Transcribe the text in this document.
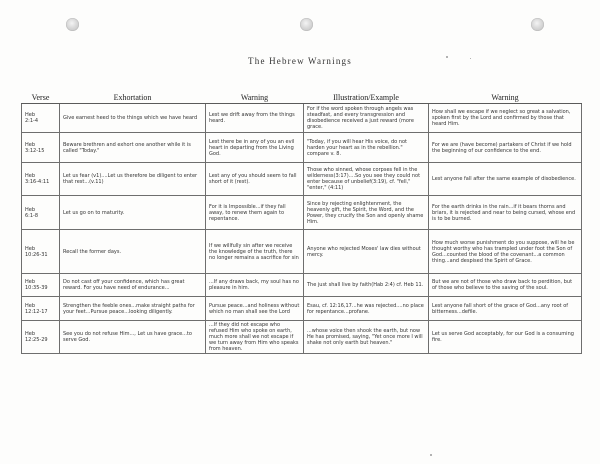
The Hebrew Warnings
Verse	Exhortation	Warning	Illustration/Example	Warning
Heb
2:1-4	Give earnest heed to the things which we have heard	Lest we drift away from the things heard.	For if the word spoken through angels was steadfast, and every transgression and disobedience received a just reward (more grace.	How shall we escape if we neglect so great a salvation, spoken first by the Lord and confirmed by those that heard Him.
Heb
3:12-15	Beware brethren and exhort one another while it is called "Today."	Lest there be in any of you an evil heart in departing from the Living God.	"Today, if you will hear His voice, do not harden your heart as in the rebellion." compare v. 8.	For we are (have become) partakers of Christ if we hold the beginning of our confidence to the end.
Heb
3:16-4:11	Let us fear (v1)....Let us therefore be diligent to enter that rest...(v.11)	Lest any of you should seem to fall short of it (rest).	Those who sinned, whose corpses fell in the wilderness(3:17)....So you see they could not enter because of unbelief(3:19), cf. "fell," "enter," (4:11)	Lest anyone fall after the same example of disobedience.
Heb
6:1-8	Let us go on to maturity.	For it is Impossible...if they fall away, to renew them again to repentance.	Since by rejecting enlightenment, the heavenly gift, the Spirit, the Word, and the Power, they crucify the Son and openly shame Him.	For the earth drinks in the rain...if it bears thorns and briars, it is rejected and near to being cursed, whose end is to be burned.
Heb
10:26-31	Recall the former days.	If we willfully sin after we receive the knowledge of the truth, there no longer remains a sacrifice for sin	Anyone who rejected Moses' law dies without mercy.	How much worse punishment do you suppose, will he be thought worthy who has trampled under foot the Son of God...counted the blood of the covenant...a common thing...and despised the Spirit of Grace.
Heb
10:35-39	Do not cast off your confidence, which has great reward. For you have need of endurance...	...If any draws back, my soul has no pleasure in him.	The just shall live by faith(Hab 2:4) cf. Heb 11.	But we are not of those who draw back to perdition, but of those who believe to the saving of the soul.
Heb
12:12-17	Strengthen the feeble ones...make straight paths for your feet...Pursue peace...looking diligently.	Pursue peace...and holiness without which no man shall see the Lord	Esau, cf. 12:16,17...he was rejected....no place for repentance...profane.	Lest anyone fall short of the grace of God...any root of bitterness...defile.
Heb
12:25-29	See you do not refuse Him..., Let us have grace...to serve God.	...If they did not escape who refused Him who spoke on earth, much more shall we not escape if we turn away from Him who speaks from heaven.	...whose voice then shook the earth, but now He has promised, saying, "Yet once more I will shake not only earth but heaven."	Let us serve God acceptably, for our God is a consuming fire.
